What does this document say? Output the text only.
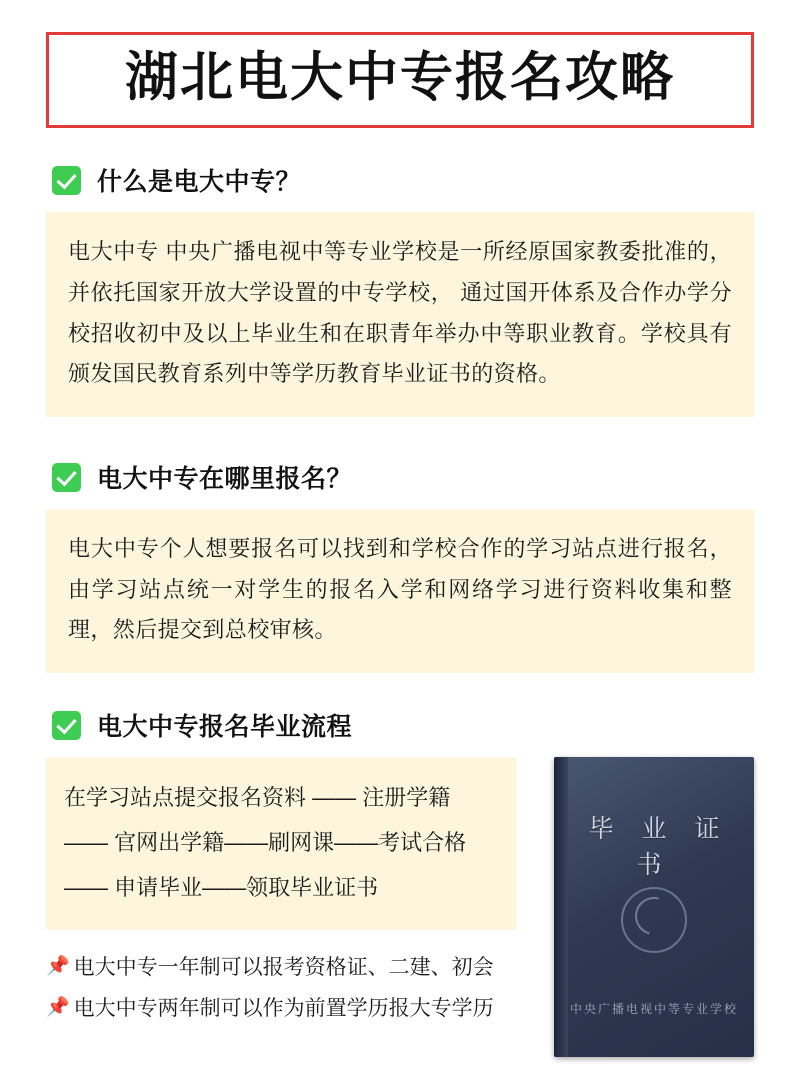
湖北电大中专报名攻略
什么是电大中专？
电大中专 中央广播电视中等专业学校是一所经原国家教委批准的，并依托国家开放大学设置的中专学校， 通过国开体系及合作办学分校招收初中及以上毕业生和在职青年举办中等职业教育。学校具有颁发国民教育系列中等学历教育毕业证书的资格。
电大中专在哪里报名？
电大中专个人想要报名可以找到和学校合作的学习站点进行报名，由学习站点统一对学生的报名入学和网络学习进行资料收集和整理，然后提交到总校审核。
电大中专报名毕业流程
在学习站点提交报名资料 —— 注册学籍
—— 官网出学籍——刷网课——考试合格
—— 申请毕业——领取毕业证书
📌 电大中专一年制可以报考资格证、二建、初会
📌 电大中专两年制可以作为前置学历报大专学历
毕 业 证 书
中央广播电视中等专业学校
